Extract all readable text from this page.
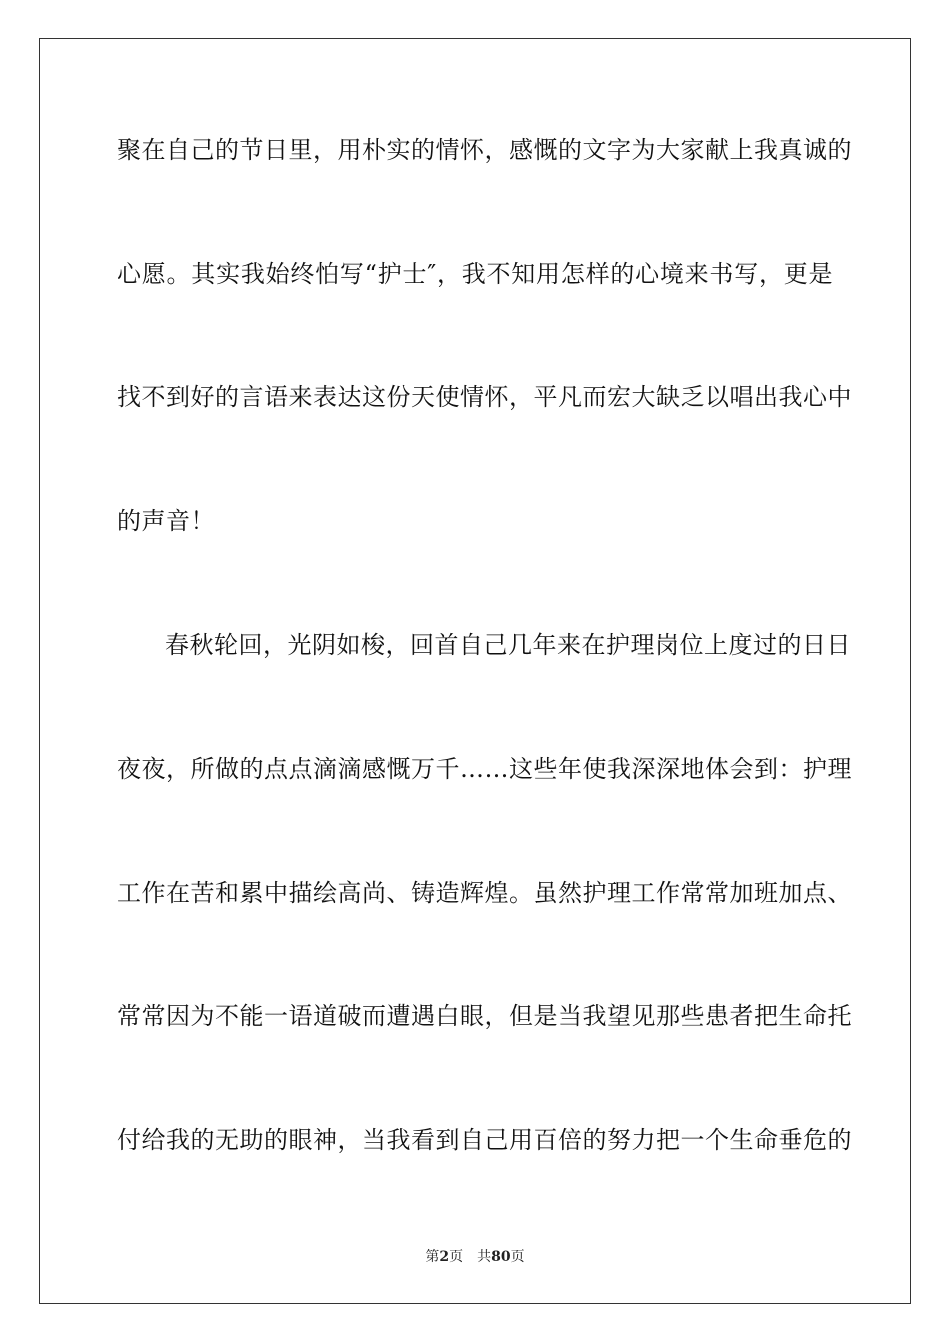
聚在自己的节日里，用朴实的情怀，感慨的文字为大家献上我真诚的
心愿。其实我始终怕写“护士″，我不知用怎样的心境来书写，更是
找不到好的言语来表达这份天使情怀，平凡而宏大缺乏以唱出我心中
的声音！
春秋轮回，光阴如梭，回首自己几年来在护理岗位上度过的日日
夜夜，所做的点点滴滴感慨万千……这些年使我深深地体会到：护理
工作在苦和累中描绘高尚、铸造辉煌。虽然护理工作常常加班加点、
常常因为不能一语道破而遭遇白眼，但是当我望见那些患者把生命托
付给我的无助的眼神，当我看到自己用百倍的努力把一个生命垂危的
第2页 共80页
